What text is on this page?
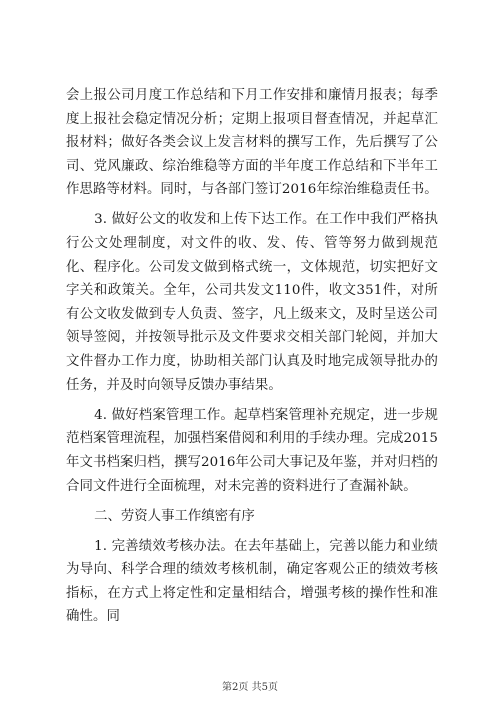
会上报公司月度工作总结和下月工作安排和廉情月报表；每季度上报社会稳定情况分析；定期上报项目督查情况，并起草汇报材料；做好各类会议上发言材料的撰写工作，先后撰写了公司、党风廉政、综治维稳等方面的半年度工作总结和下半年工作思路等材料。同时，与各部门签订2016年综治维稳责任书。

3. 做好公文的收发和上传下达工作。在工作中我们严格执行公文处理制度，对文件的收、发、传、管等努力做到规范化、程序化。公司发文做到格式统一，文体规范，切实把好文字关和政策关。全年，公司共发文110件，收文351件，对所有公文收发做到专人负责、签字，凡上级来文，及时呈送公司领导签阅，并按领导批示及文件要求交相关部门轮阅，并加大文件督办工作力度，协助相关部门认真及时地完成领导批办的任务，并及时向领导反馈办事结果。

4. 做好档案管理工作。起草档案管理补充规定，进一步规范档案管理流程，加强档案借阅和利用的手续办理。完成2015年文书档案归档，撰写2016年公司大事记及年鉴，并对归档的合同文件进行全面梳理，对未完善的资料进行了查漏补缺。

二、劳资人事工作缜密有序

1. 完善绩效考核办法。在去年基础上，完善以能力和业绩为导向、科学合理的绩效考核机制，确定客观公正的绩效考核指标，在方式上将定性和定量相结合，增强考核的操作性和准确性。同

第2页 共5页
